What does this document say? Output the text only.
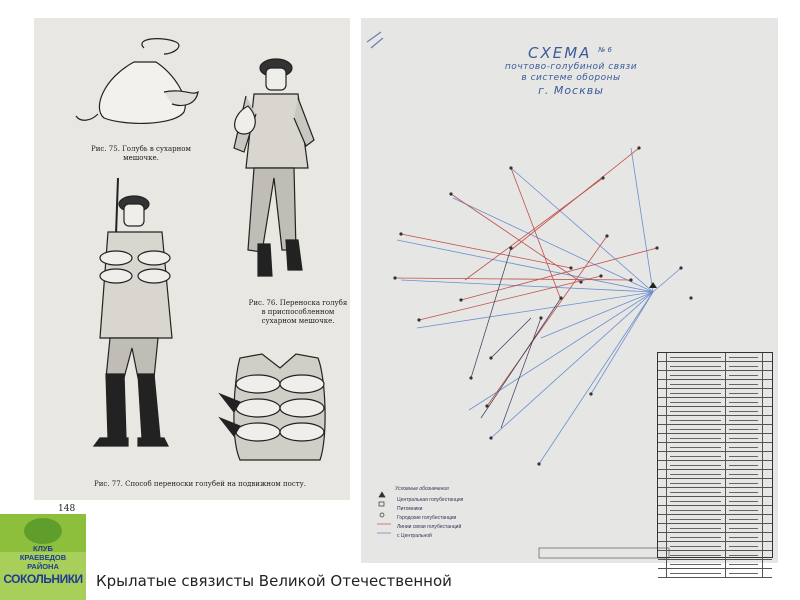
Рис. 75. Голубь в сухарном мешочке.
Рис. 76. Переноска голубя в приспособленном сухарном мешочке.
Рис. 77. Способ переноски голубей на подвижном посту.
148
СХЕМА $^{№6}$
почтово-голубиной связи
в системе обороны
г. Москвы
Условные обозначения
Центральная голубестанция
Питомники
Городские голубестанции
Линии связи голубестанций
с Центральной
КЛУБ
КРАЕВЕДОВ
РАЙОНА
СОКОЛЬНИКИ Крылатые связисты Великой Отечественной
